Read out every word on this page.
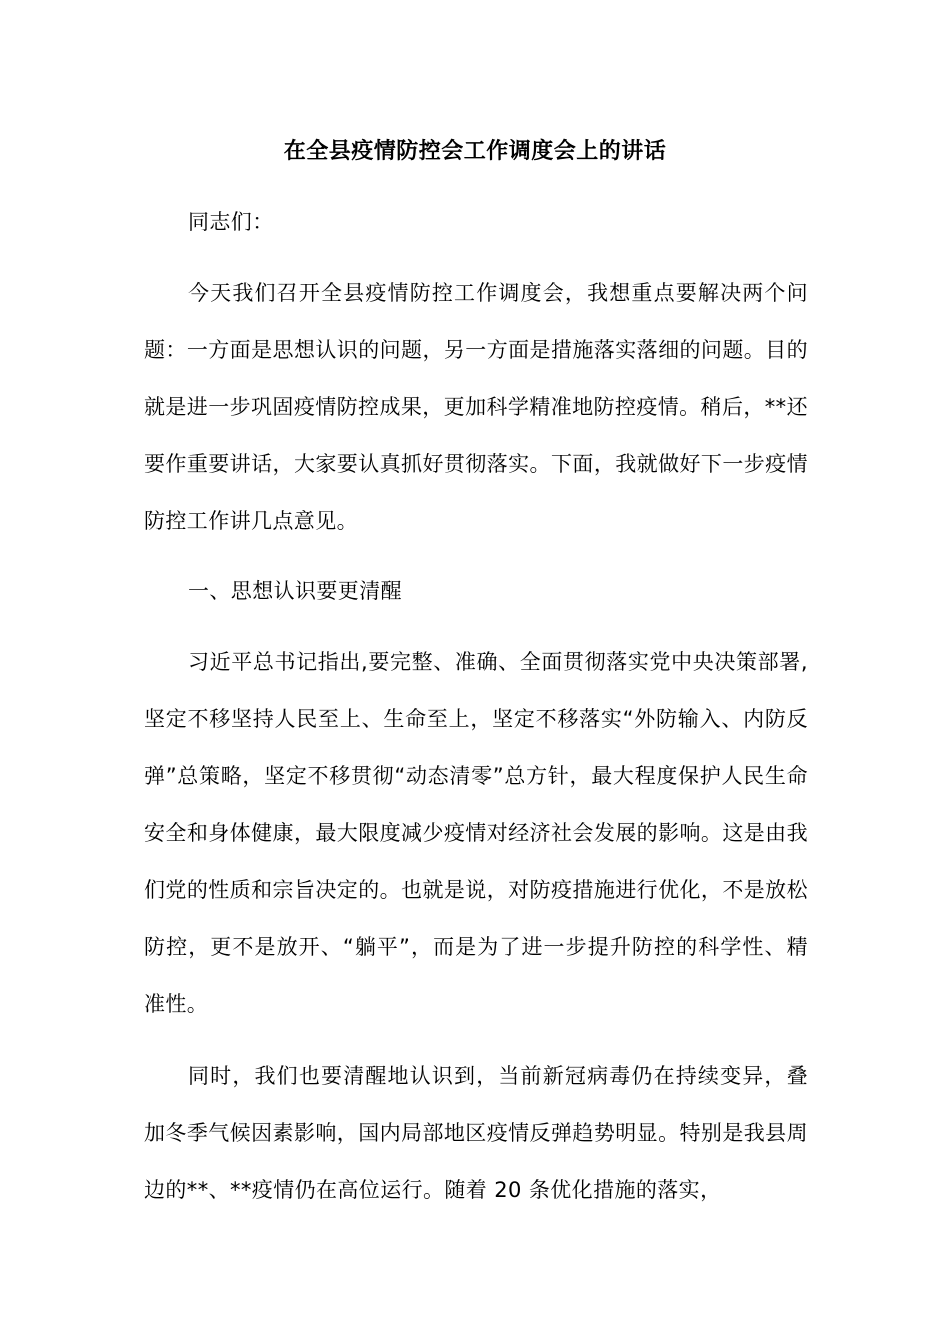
在全县疫情防控会工作调度会上的讲话

同志们：

今天我们召开全县疫情防控工作调度会，我想重点要解决两个问题：一方面是思想认识的问题，另一方面是措施落实落细的问题。目的就是进一步巩固疫情防控成果，更加科学精准地防控疫情。稍后，**还要作重要讲话，大家要认真抓好贯彻落实。下面，我就做好下一步疫情防控工作讲几点意见。

一、思想认识要更清醒

习近平总书记指出,要完整、准确、全面贯彻落实党中央决策部署,坚定不移坚持人民至上、生命至上，坚定不移落实“外防输入、内防反弹”总策略，坚定不移贯彻“动态清零”总方针，最大程度保护人民生命安全和身体健康，最大限度减少疫情对经济社会发展的影响。这是由我们党的性质和宗旨决定的。也就是说，对防疫措施进行优化，不是放松防控，更不是放开、“躺平”，而是为了进一步提升防控的科学性、精准性。

同时，我们也要清醒地认识到，当前新冠病毒仍在持续变异，叠加冬季气候因素影响，国内局部地区疫情反弹趋势明显。特别是我县周边的**、**疫情仍在高位运行。随着 20 条优化措施的落实，
